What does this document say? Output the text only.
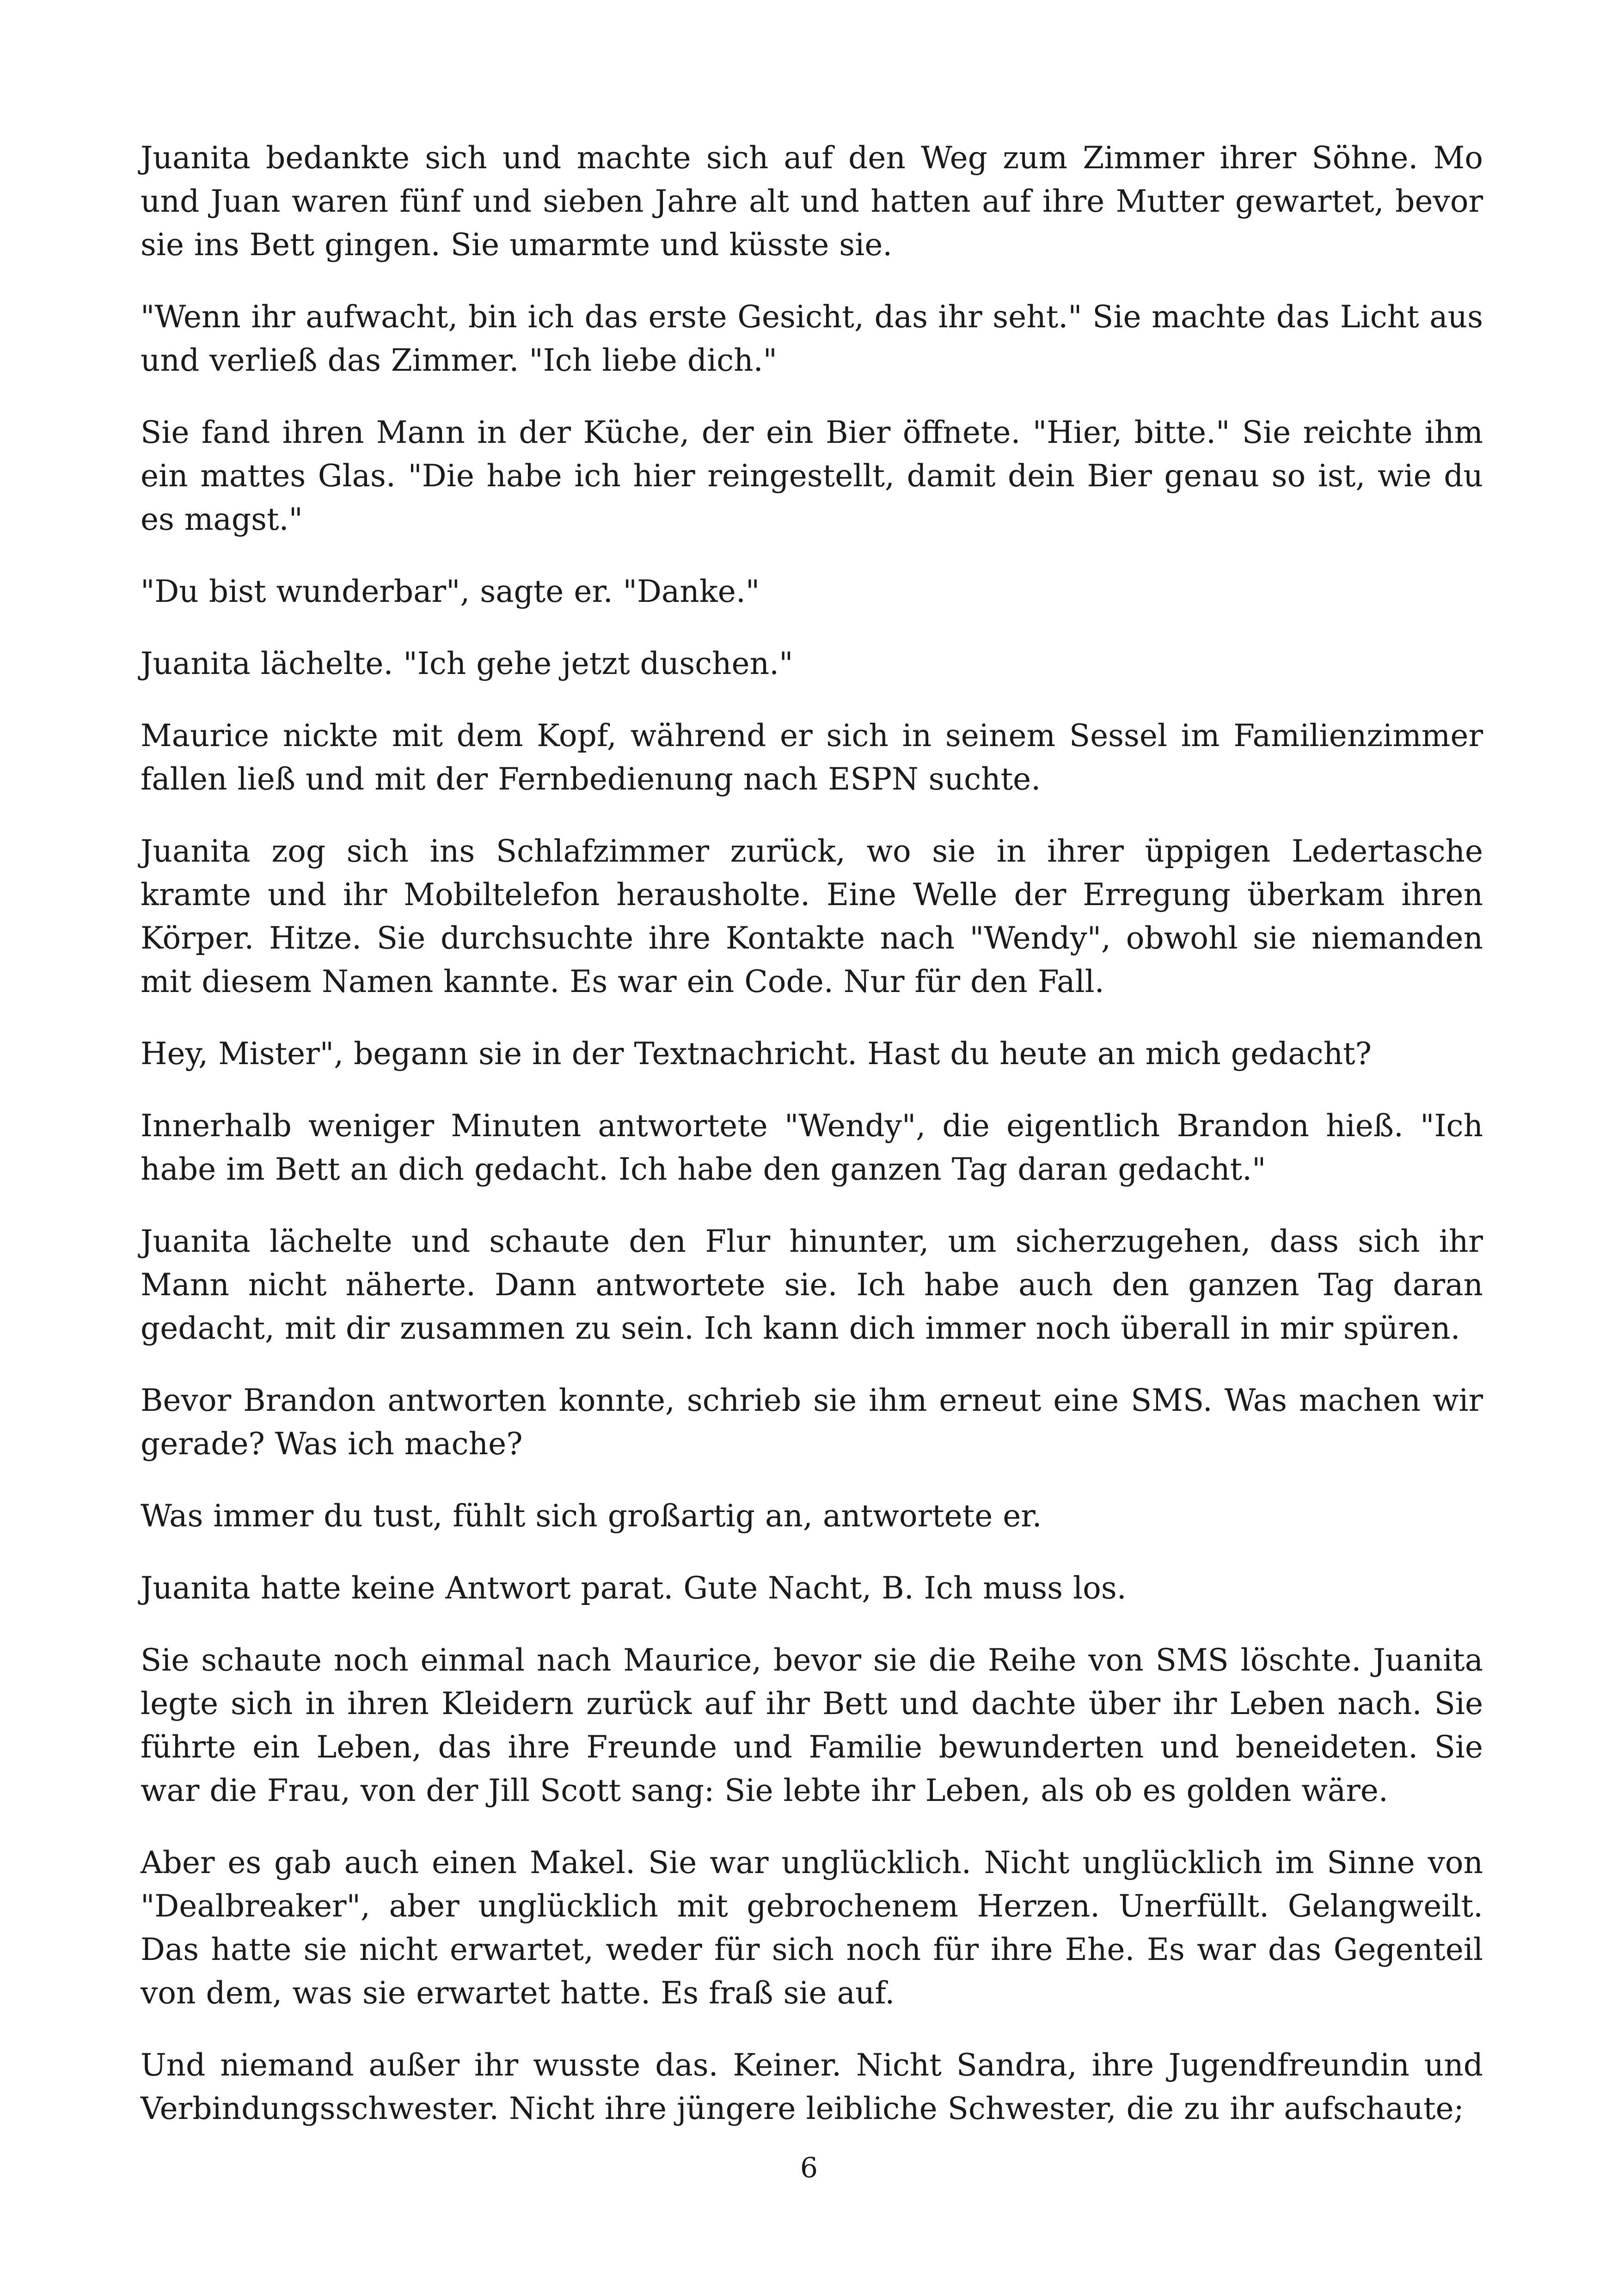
Juanita bedankte sich und machte sich auf den Weg zum Zimmer ihrer Söhne. Mo und Juan waren fünf und sieben Jahre alt und hatten auf ihre Mutter gewartet, bevor sie ins Bett gingen. Sie umarmte und küsste sie.

"Wenn ihr aufwacht, bin ich das erste Gesicht, das ihr seht." Sie machte das Licht aus und verließ das Zimmer. "Ich liebe dich."

Sie fand ihren Mann in der Küche, der ein Bier öffnete. "Hier, bitte." Sie reichte ihm ein mattes Glas. "Die habe ich hier reingestellt, damit dein Bier genau so ist, wie du es magst."

"Du bist wunderbar", sagte er. "Danke."

Juanita lächelte. "Ich gehe jetzt duschen."

Maurice nickte mit dem Kopf, während er sich in seinem Sessel im Familienzimmer fallen ließ und mit der Fernbedienung nach ESPN suchte.

Juanita zog sich ins Schlafzimmer zurück, wo sie in ihrer üppigen Ledertasche kramte und ihr Mobiltelefon herausholte. Eine Welle der Erregung überkam ihren Körper. Hitze. Sie durchsuchte ihre Kontakte nach "Wendy", obwohl sie niemanden mit diesem Namen kannte. Es war ein Code. Nur für den Fall.

Hey, Mister", begann sie in der Textnachricht. Hast du heute an mich gedacht?

Innerhalb weniger Minuten antwortete "Wendy", die eigentlich Brandon hieß. "Ich habe im Bett an dich gedacht. Ich habe den ganzen Tag daran gedacht."

Juanita lächelte und schaute den Flur hinunter, um sicherzugehen, dass sich ihr Mann nicht näherte. Dann antwortete sie. Ich habe auch den ganzen Tag daran gedacht, mit dir zusammen zu sein. Ich kann dich immer noch überall in mir spüren.

Bevor Brandon antworten konnte, schrieb sie ihm erneut eine SMS. Was machen wir gerade? Was ich mache?

Was immer du tust, fühlt sich großartig an, antwortete er.

Juanita hatte keine Antwort parat. Gute Nacht, B. Ich muss los.

Sie schaute noch einmal nach Maurice, bevor sie die Reihe von SMS löschte. Juanita legte sich in ihren Kleidern zurück auf ihr Bett und dachte über ihr Leben nach. Sie führte ein Leben, das ihre Freunde und Familie bewunderten und beneideten. Sie war die Frau, von der Jill Scott sang: Sie lebte ihr Leben, als ob es golden wäre.

Aber es gab auch einen Makel. Sie war unglücklich. Nicht unglücklich im Sinne von "Dealbreaker", aber unglücklich mit gebrochenem Herzen. Unerfüllt. Gelangweilt. Das hatte sie nicht erwartet, weder für sich noch für ihre Ehe. Es war das Gegenteil von dem, was sie erwartet hatte. Es fraß sie auf.

Und niemand außer ihr wusste das. Keiner. Nicht Sandra, ihre Jugendfreundin und Verbindungsschwester. Nicht ihre jüngere leibliche Schwester, die zu ihr aufschaute;

6
